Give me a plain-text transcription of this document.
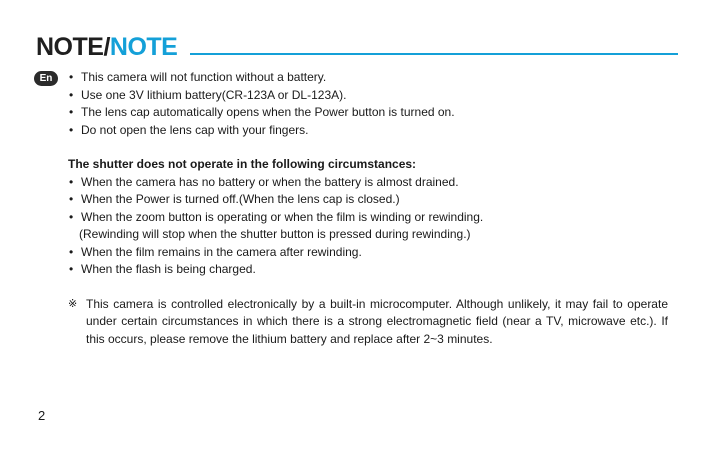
NOTE/NOTE
En	• This camera will not function without a battery.
• Use one 3V lithium battery(CR-123A or DL-123A).
• The lens cap automatically opens when the Power button is turned on.
• Do not open the lens cap with your fingers.
The shutter does not operate in the following circumstances:
• When the camera has no battery or when the battery is almost drained.
• When the Power is turned off.(When the lens cap is closed.)
• When the zoom button is operating or when the film is winding or rewinding.
(Rewinding will stop when the shutter button is pressed during rewinding.)
• When the film remains in the camera after rewinding.
• When the flash is being charged.
※ This camera is controlled electronically by a built-in microcomputer. Although unlikely, it may fail to operate under certain circumstances in which there is a strong electromagnetic field (near a TV, microwave etc.). If this occurs, please remove the lithium battery and replace after 2~3 minutes.
2
